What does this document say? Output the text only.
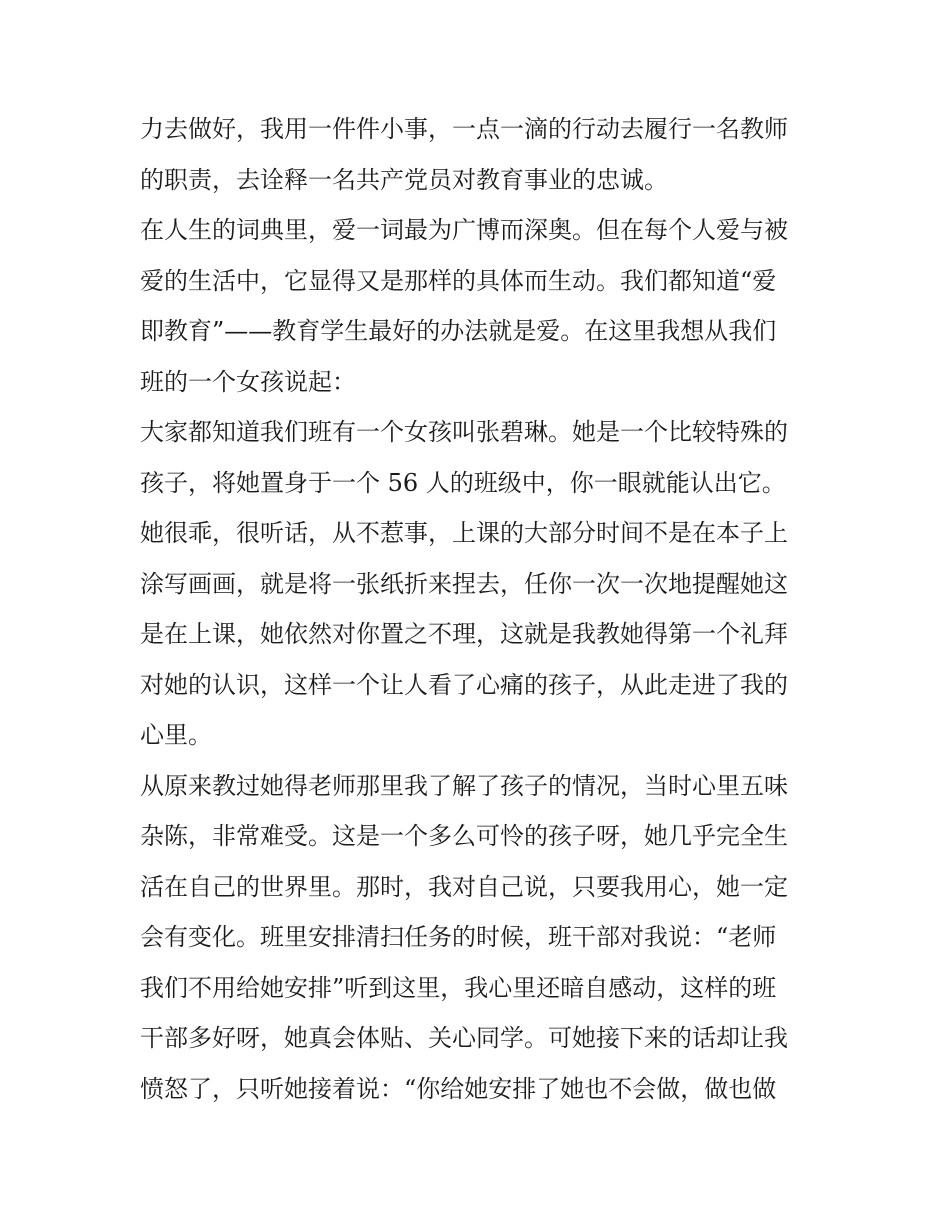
力去做好，我用一件件小事，一点一滴的行动去履行一名教师
的职责，去诠释一名共产党员对教育事业的忠诚。
在人生的词典里，爱一词最为广博而深奥。但在每个人爱与被
爱的生活中，它显得又是那样的具体而生动。我们都知道“爱
即教育”——教育学生最好的办法就是爱。在这里我想从我们
班的一个女孩说起：
大家都知道我们班有一个女孩叫张碧琳。她是一个比较特殊的
孩子，将她置身于一个 56 人的班级中，你一眼就能认出它。
她很乖，很听话，从不惹事，上课的大部分时间不是在本子上
涂写画画，就是将一张纸折来捏去，任你一次一次地提醒她这
是在上课，她依然对你置之不理，这就是我教她得第一个礼拜
对她的认识，这样一个让人看了心痛的孩子，从此走进了我的
心里。
从原来教过她得老师那里我了解了孩子的情况，当时心里五味
杂陈，非常难受。这是一个多么可怜的孩子呀，她几乎完全生
活在自己的世界里。那时，我对自己说，只要我用心，她一定
会有变化。班里安排清扫任务的时候，班干部对我说：“老师
我们不用给她安排”听到这里，我心里还暗自感动，这样的班
干部多好呀，她真会体贴、关心同学。可她接下来的话却让我
愤怒了，只听她接着说：“你给她安排了她也不会做，做也做
